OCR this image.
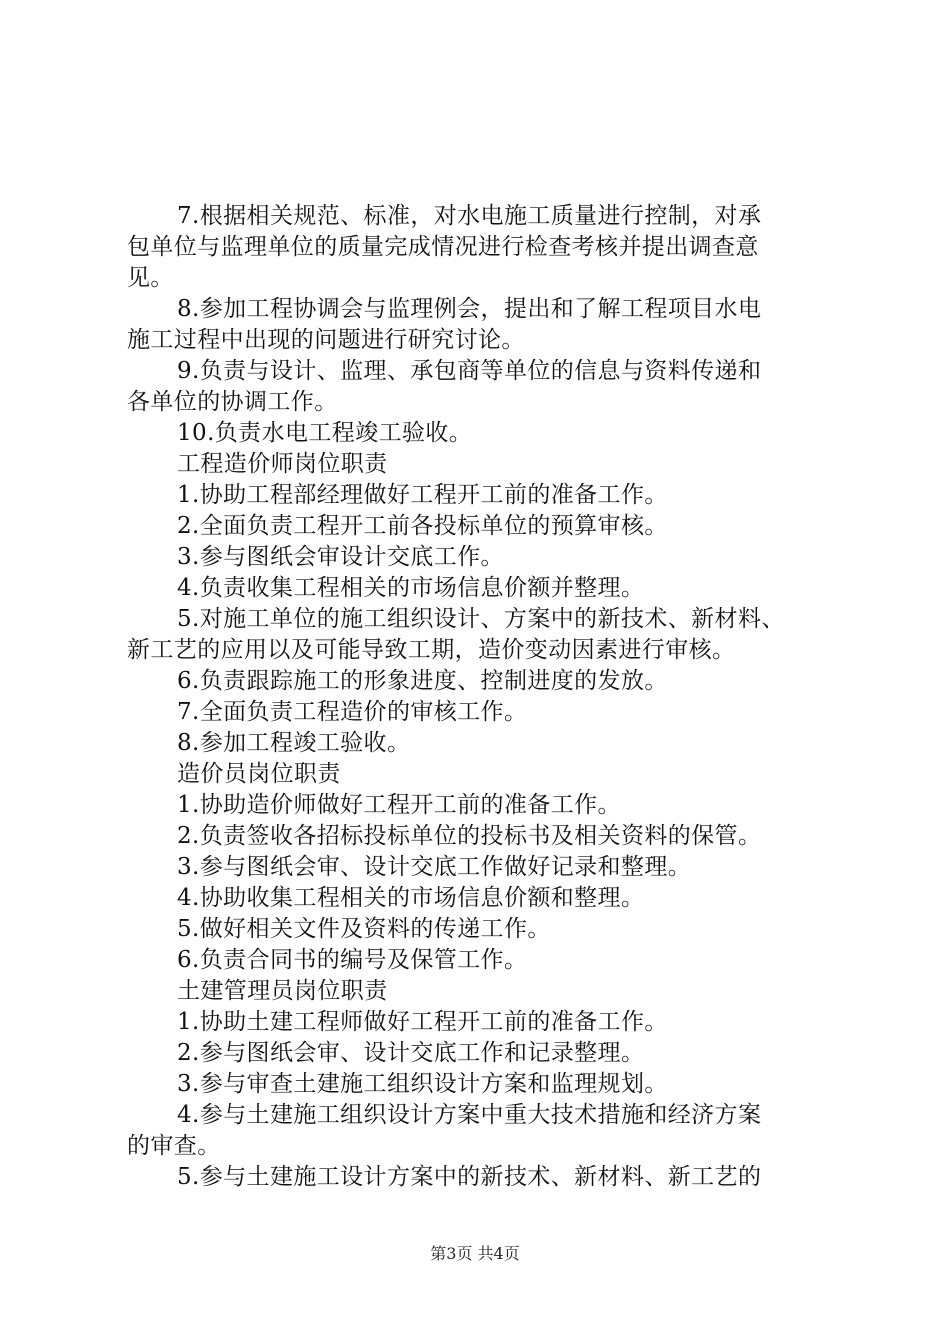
7.根据相关规范、标准，对水电施工质量进行控制，对承
包单位与监理单位的质量完成情况进行检查考核并提出调查意
见。
8.参加工程协调会与监理例会，提出和了解工程项目水电
施工过程中出现的问题进行研究讨论。
9.负责与设计、监理、承包商等单位的信息与资料传递和
各单位的协调工作。
10.负责水电工程竣工验收。
工程造价师岗位职责
1.协助工程部经理做好工程开工前的准备工作。
2.全面负责工程开工前各投标单位的预算审核。
3.参与图纸会审设计交底工作。
4.负责收集工程相关的市场信息价额并整理。
5.对施工单位的施工组织设计、方案中的新技术、新材料、
新工艺的应用以及可能导致工期，造价变动因素进行审核。
6.负责跟踪施工的形象进度、控制进度的发放。
7.全面负责工程造价的审核工作。
8.参加工程竣工验收。
造价员岗位职责
1.协助造价师做好工程开工前的准备工作。
2.负责签收各招标投标单位的投标书及相关资料的保管。
3.参与图纸会审、设计交底工作做好记录和整理。
4.协助收集工程相关的市场信息价额和整理。
5.做好相关文件及资料的传递工作。
6.负责合同书的编号及保管工作。
土建管理员岗位职责
1.协助土建工程师做好工程开工前的准备工作。
2.参与图纸会审、设计交底工作和记录整理。
3.参与审查土建施工组织设计方案和监理规划。
4.参与土建施工组织设计方案中重大技术措施和经济方案
的审查。
5.参与土建施工设计方案中的新技术、新材料、新工艺的
第3页 共4页
